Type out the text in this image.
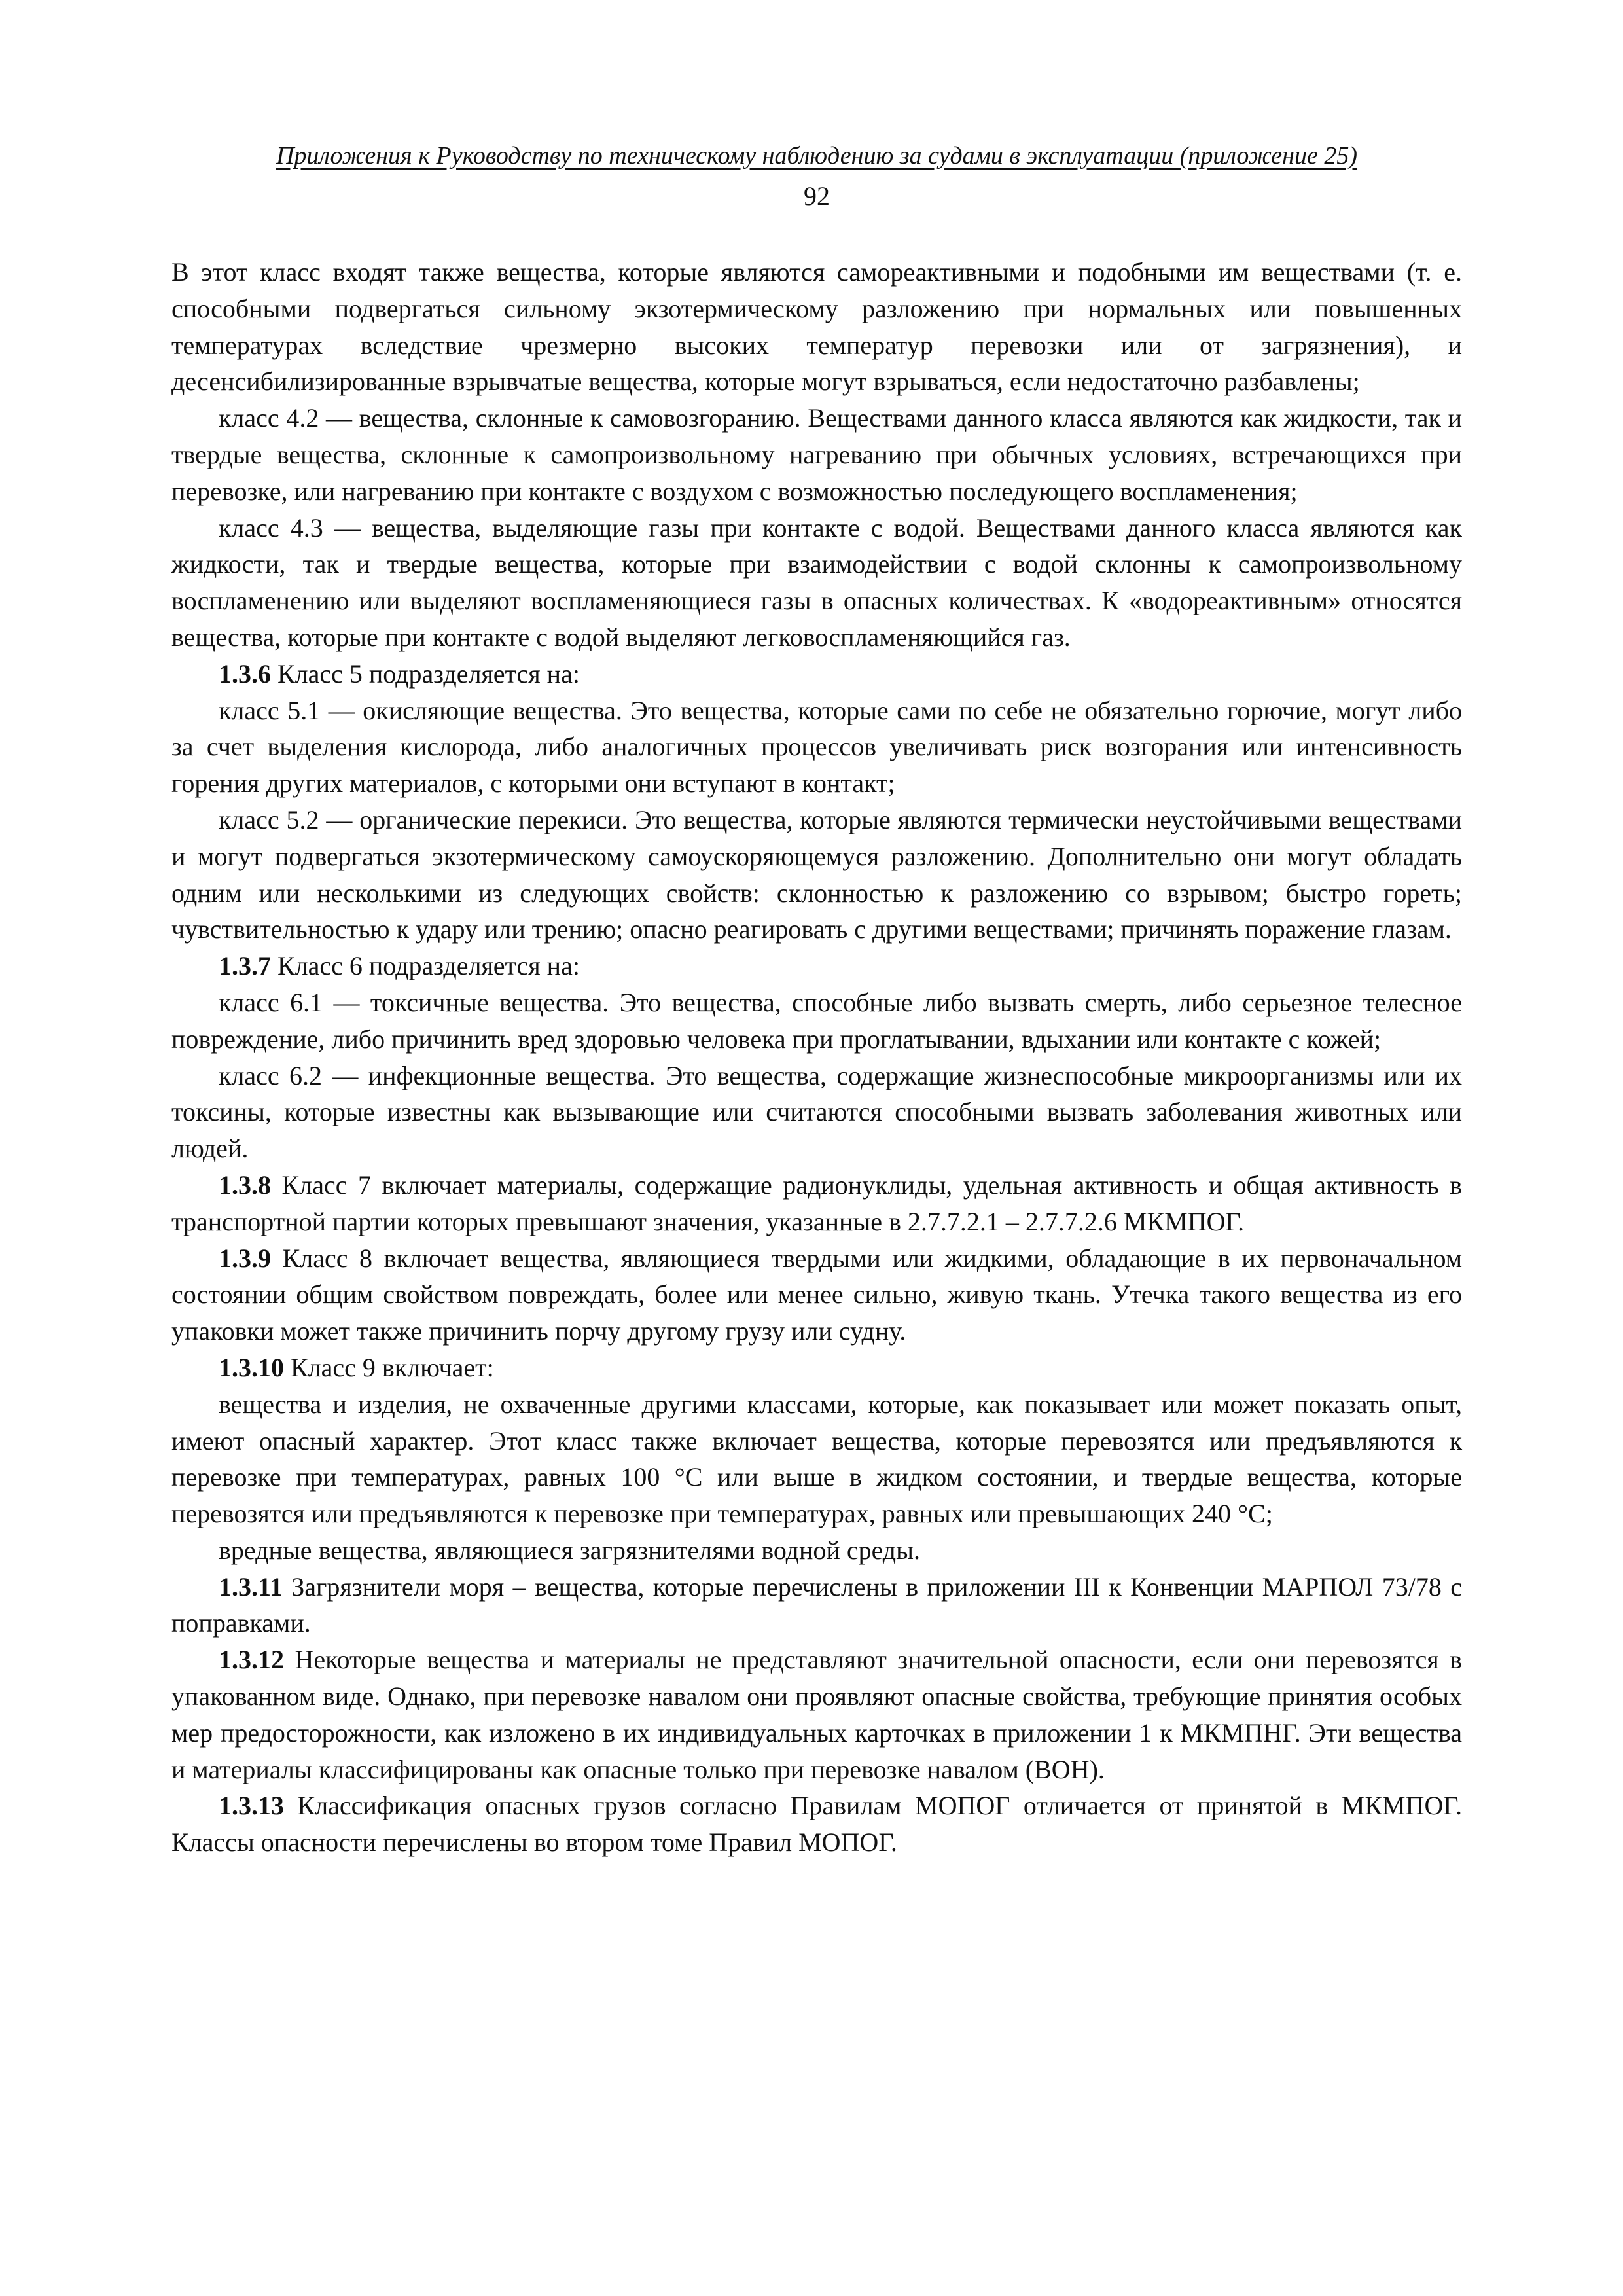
Приложения к Руководству по техническому наблюдению за судами в эксплуатации (приложение 25)
92

В этот класс входят также вещества, которые являются самореактивными и подобными им веществами (т. е. способными подвергаться сильному экзотермическому разложению при нормальных или повышенных температурах вследствие чрезмерно высоких температур перевозки или от загрязнения), и десенсибилизированные взрывчатые вещества, которые могут взрываться, если недостаточно разбавлены;

класс 4.2 — вещества, склонные к самовозгоранию. Веществами данного класса являются как жидкости, так и твердые вещества, склонные к самопроизвольному нагреванию при обычных условиях, встречающихся при перевозке, или нагреванию при контакте с воздухом с возможностью последующего воспламенения;

класс 4.3 — вещества, выделяющие газы при контакте с водой. Веществами данного класса являются как жидкости, так и твердые вещества, которые при взаимодействии с водой склонны к самопроизвольному воспламенению или выделяют воспламеняющиеся газы в опасных количествах. К «водореактивным» относятся вещества, которые при контакте с водой выделяют легковоспламеняющийся газ.

1.3.6 Класс 5 подразделяется на:

класс 5.1 — окисляющие вещества. Это вещества, которые сами по себе не обязательно горючие, могут либо за счет выделения кислорода, либо аналогичных процессов увеличивать риск возгорания или интенсивность горения других материалов, с которыми они вступают в контакт;

класс 5.2 — органические перекиси. Это вещества, которые являются термически неустойчивыми веществами и могут подвергаться экзотермическому самоускоряющемуся разложению. Дополнительно они могут обладать одним или несколькими из следующих свойств: склонностью к разложению со взрывом; быстро гореть; чувствительностью к удару или трению; опасно реагировать с другими веществами; причинять поражение глазам.

1.3.7 Класс 6 подразделяется на:

класс 6.1 — токсичные вещества. Это вещества, способные либо вызвать смерть, либо серьезное телесное повреждение, либо причинить вред здоровью человека при проглатывании, вдыхании или контакте с кожей;

класс 6.2 — инфекционные вещества. Это вещества, содержащие жизнеспособные микроорганизмы или их токсины, которые известны как вызывающие или считаются способными вызвать заболевания животных или людей.

1.3.8 Класс 7 включает материалы, содержащие радионуклиды, удельная активность и общая активность в транспортной партии которых превышают значения, указанные в 2.7.7.2.1 – 2.7.7.2.6 МКМПОГ.

1.3.9 Класс 8 включает вещества, являющиеся твердыми или жидкими, обладающие в их первоначальном состоянии общим свойством повреждать, более или менее сильно, живую ткань. Утечка такого вещества из его упаковки может также причинить порчу другому грузу или судну.

1.3.10 Класс 9 включает:

вещества и изделия, не охваченные другими классами, которые, как показывает или может показать опыт, имеют опасный характер. Этот класс также включает вещества, которые перевозятся или предъявляются к перевозке при температурах, равных 100 °C или выше в жидком состоянии, и твердые вещества, которые перевозятся или предъявляются к перевозке при температурах, равных или превышающих 240 °C;

вредные вещества, являющиеся загрязнителями водной среды.

1.3.11 Загрязнители моря – вещества, которые перечислены в приложении III к Конвенции МАРПОЛ 73/78 с поправками.

1.3.12 Некоторые вещества и материалы не представляют значительной опасности, если они перевозятся в упакованном виде. Однако, при перевозке навалом они проявляют опасные свойства, требующие принятия особых мер предосторожности, как изложено в их индивидуальных карточках в приложении 1 к МКМПНГ. Эти вещества и материалы классифицированы как опасные только при перевозке навалом (ВОН).

1.3.13 Классификация опасных грузов согласно Правилам МОПОГ отличается от принятой в МКМПОГ. Классы опасности перечислены во втором томе Правил МОПОГ.
